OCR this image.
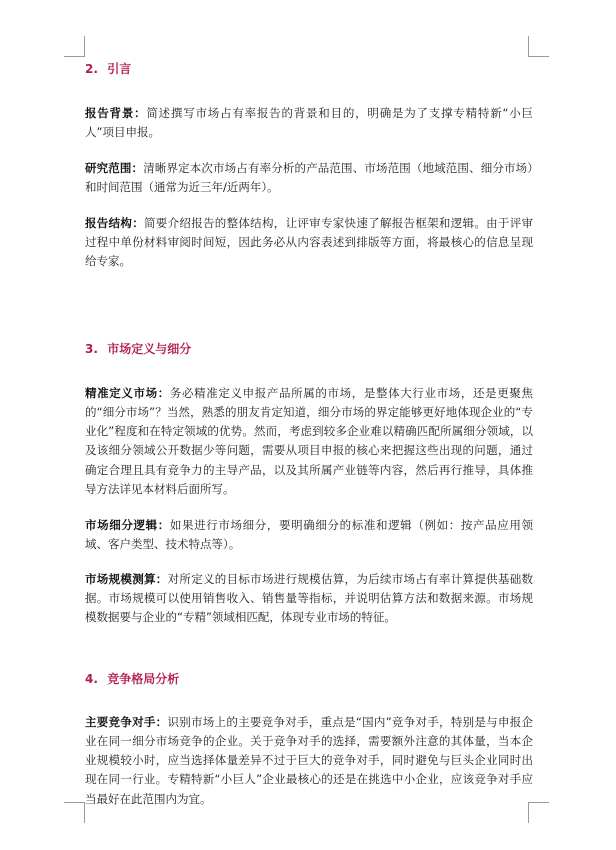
2. 引言

报告背景：简述撰写市场占有率报告的背景和目的，明确是为了支撑专精特新“小巨人”项目申报。

研究范围：清晰界定本次市场占有率分析的产品范围、市场范围（地域范围、细分市场）和时间范围（通常为近三年/近两年）。

报告结构：简要介绍报告的整体结构，让评审专家快速了解报告框架和逻辑。由于评审过程中单份材料审阅时间短，因此务必从内容表述到排版等方面，将最核心的信息呈现给专家。

3. 市场定义与细分

精准定义市场：务必精准定义申报产品所属的市场，是整体大行业市场，还是更聚焦的“细分市场”？当然，熟悉的朋友肯定知道，细分市场的界定能够更好地体现企业的“专业化”程度和在特定领域的优势。然而，考虑到较多企业难以精确匹配所属细分领域，以及该细分领域公开数据少等问题，需要从项目申报的核心来把握这些出现的问题，通过确定合理且具有竞争力的主导产品，以及其所属产业链等内容，然后再行推导，具体推导方法详见本材料后面所写。

市场细分逻辑：如果进行市场细分，要明确细分的标准和逻辑（例如：按产品应用领域、客户类型、技术特点等）。

市场规模测算：对所定义的目标市场进行规模估算，为后续市场占有率计算提供基础数据。市场规模可以使用销售收入、销售量等指标，并说明估算方法和数据来源。市场规模数据要与企业的“专精”领域相匹配，体现专业市场的特征。

4. 竞争格局分析

主要竞争对手：识别市场上的主要竞争对手，重点是“国内”竞争对手，特别是与申报企业在同一细分市场竞争的企业。关于竞争对手的选择，需要额外注意的其体量，当本企业规模较小时，应当选择体量差异不过于巨大的竞争对手，同时避免与巨头企业同时出现在同一行业。专精特新“小巨人”企业最核心的还是在挑选中小企业，应该竞争对手应当最好在此范围内为宜。
